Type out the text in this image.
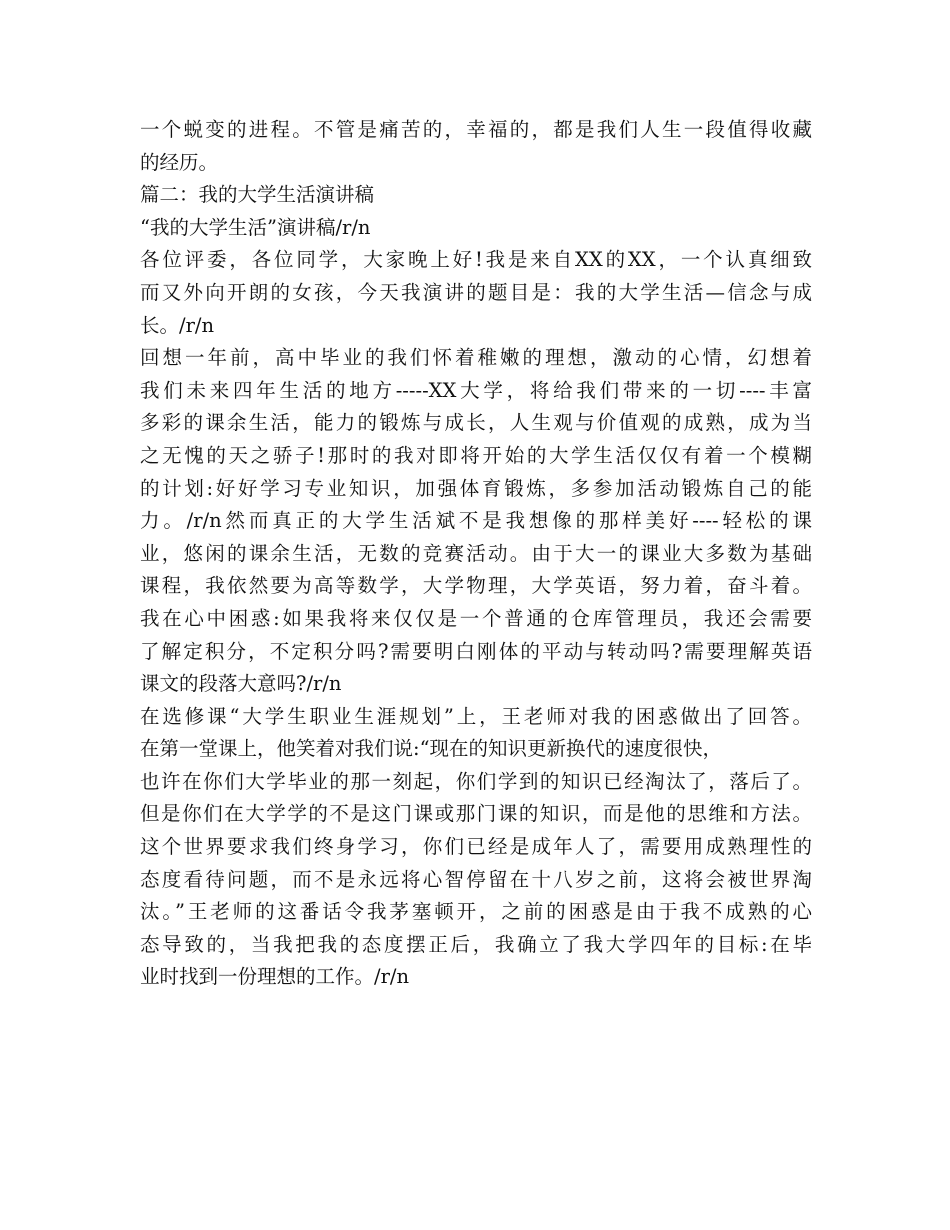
一个蜕变的进程。不管是痛苦的，幸福的，都是我们人生一段值得收藏
的经历。
篇二：我的大学生活演讲稿
“我的大学生活”演讲稿/r/n
各位评委，各位同学，大家晚上好!我是来自XX的XX，一个认真细致
而又外向开朗的女孩，今天我演讲的题目是：我的大学生活—信念与成
长。/r/n
回想一年前，高中毕业的我们怀着稚嫩的理想，激动的心情，幻想着
我们未来四年生活的地方-----XX大学，将给我们带来的一切----丰富
多彩的课余生活，能力的锻炼与成长，人生观与价值观的成熟，成为当
之无愧的天之骄子!那时的我对即将开始的大学生活仅仅有着一个模糊
的计划:好好学习专业知识，加强体育锻炼，多参加活动锻炼自己的能
力。/r/n然而真正的大学生活斌不是我想像的那样美好----轻松的课
业，悠闲的课余生活，无数的竞赛活动。由于大一的课业大多数为基础
课程，我依然要为高等数学，大学物理，大学英语，努力着，奋斗着。
我在心中困惑:如果我将来仅仅是一个普通的仓库管理员，我还会需要
了解定积分，不定积分吗?需要明白刚体的平动与转动吗?需要理解英语
课文的段落大意吗?/r/n
在选修课“大学生职业生涯规划”上，王老师对我的困惑做出了回答。
在第一堂课上，他笑着对我们说:“现在的知识更新换代的速度很快，
也许在你们大学毕业的那一刻起，你们学到的知识已经淘汰了，落后了。
但是你们在大学学的不是这门课或那门课的知识，而是他的思维和方法。
这个世界要求我们终身学习，你们已经是成年人了，需要用成熟理性的
态度看待问题，而不是永远将心智停留在十八岁之前，这将会被世界淘
汰。”王老师的这番话令我茅塞顿开，之前的困惑是由于我不成熟的心
态导致的，当我把我的态度摆正后，我确立了我大学四年的目标:在毕
业时找到一份理想的工作。/r/n
